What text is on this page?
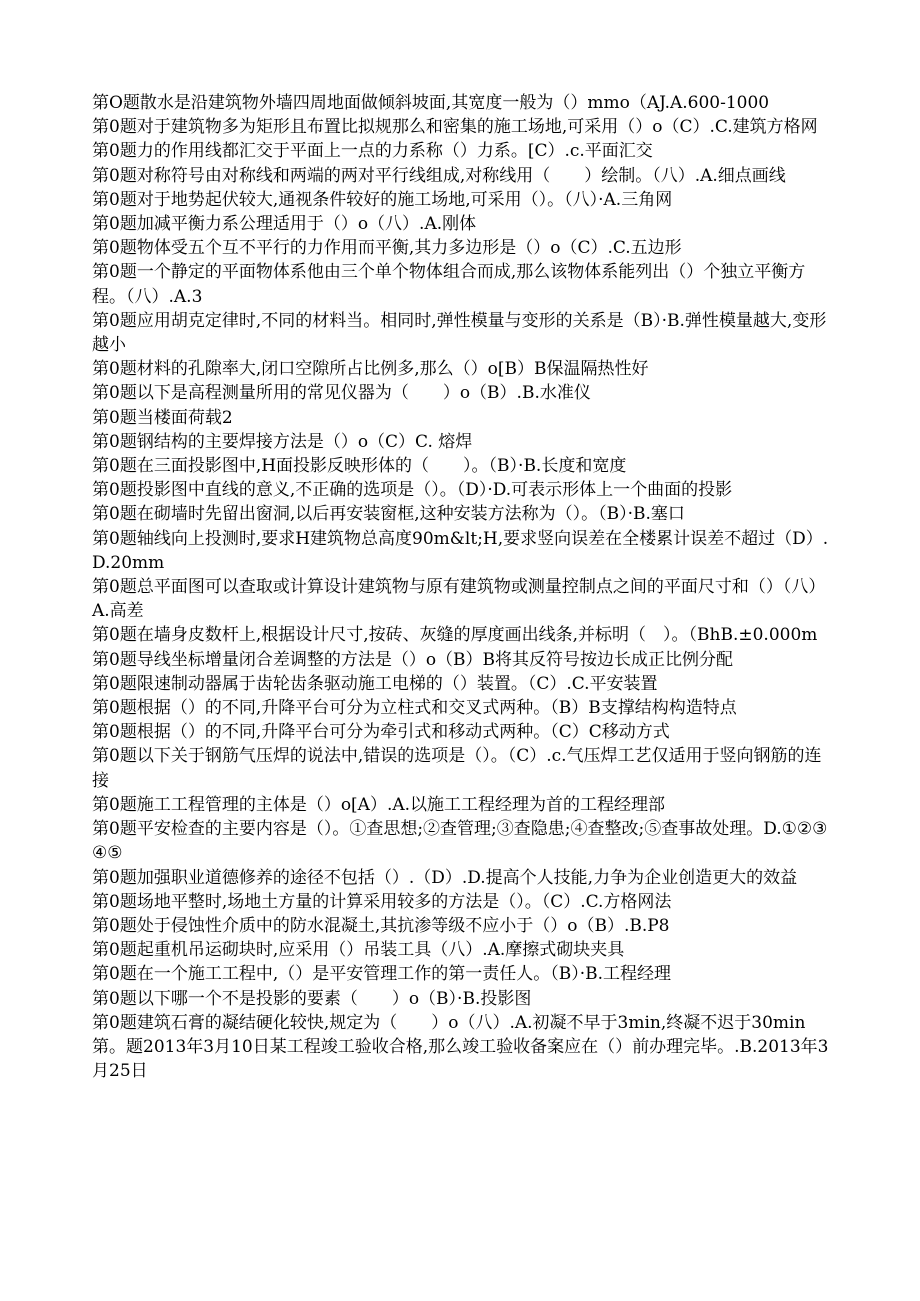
第O题散水是沿建筑物外墙四周地面做倾斜坡面,其宽度一般为（）mmo（AJ.A.600-1000

第0题对于建筑物多为矩形且布置比拟规那么和密集的施工场地,可采用（）o（C）.C.建筑方格网

第0题力的作用线都汇交于平面上一点的力系称（）力系。[C）.c.平面汇交

第0题对称符号由对称线和两端的两对平行线组成,对称线用（　　）绘制。（八）.A.细点画线

第0题对于地势起伏较大,通视条件较好的施工场地,可采用（）。（八）·A.三角网

第0题加减平衡力系公理适用于（）o（八）.A.刚体

第0题物体受五个互不平行的力作用而平衡,其力多边形是（）o（C）.C.五边形

第0题一个静定的平面物体系他由三个单个物体组合而成,那么该物体系能列出（）个独立平衡方程。（八）.A.3

第0题应用胡克定律时,不同的材料当。相同时,弹性模量与变形的关系是（B）·B.弹性模量越大,变形越小

第0题材料的孔隙率大,闭口空隙所占比例多,那么（）o[B）B保温隔热性好

第0题以下是高程测量所用的常见仪器为（　　）o（B）.B.水准仪

第0题当楼面荷载2

第0题钢结构的主要焊接方法是（）o（C）C. 熔焊

第0题在三面投影图中,H面投影反映形体的（　　）。（B）·B.长度和宽度

第0题投影图中直线的意义,不正确的选项是（）。（D）·D.可表示形体上一个曲面的投影

第0题在砌墙时先留出窗洞,以后再安装窗框,这种安装方法称为（）。（B）·B.塞口

第0题轴线向上投测时,要求H建筑物总高度90m&lt;H,要求竖向误差在全楼累计误差不超过（D）.D.20mm

第0题总平面图可以查取或计算设计建筑物与原有建筑物或测量控制点之间的平面尺寸和（）（八）A.高差

第0题在墙身皮数杆上,根据设计尺寸,按砖、灰缝的厚度画出线条,并标明（　）。（BhB.±0.000m

第0题导线坐标增量闭合差调整的方法是（）o（B）B将其反符号按边长成正比例分配

第0题限速制动器属于齿轮齿条驱动施工电梯的（）装置。（C）.C.平安装置

第0题根据（）的不同,升降平台可分为立柱式和交叉式两种。（B）B支撑结构构造特点

第0题根据（）的不同,升降平台可分为牵引式和移动式两种。（C）C移动方式

第0题以下关于钢筋气压焊的说法中,错误的选项是（）。（C）.c.气压焊工艺仅适用于竖向钢筋的连接

第0题施工工程管理的主体是（）o[A）.A.以施工工程经理为首的工程经理部

第0题平安检查的主要内容是（）。①查思想;②查管理;③查隐患;④查整改;⑤查事故处理。D.①②③④⑤

第0题加强职业道德修养的途径不包括（）.（D）.D.提高个人技能,力争为企业创造更大的效益

第0题场地平整时,场地土方量的计算采用较多的方法是（）。（C）.C.方格网法

第0题处于侵蚀性介质中的防水混凝土,其抗渗等级不应小于（）o（B）.B.P8

第0题起重机吊运砌块时,应采用（）吊装工具（八）.A.摩擦式砌块夹具

第0题在一个施工工程中,（）是平安管理工作的第一责任人。（B）·B.工程经理

第0题以下哪一个不是投影的要素（　　）o（B）·B.投影图

第0题建筑石膏的凝结硬化较快,规定为（　　）o（八）.A.初凝不早于3min,终凝不迟于30min

第。题2013年3月10日某工程竣工验收合格,那么竣工验收备案应在（）前办理完毕。.B.2013年3月25日
